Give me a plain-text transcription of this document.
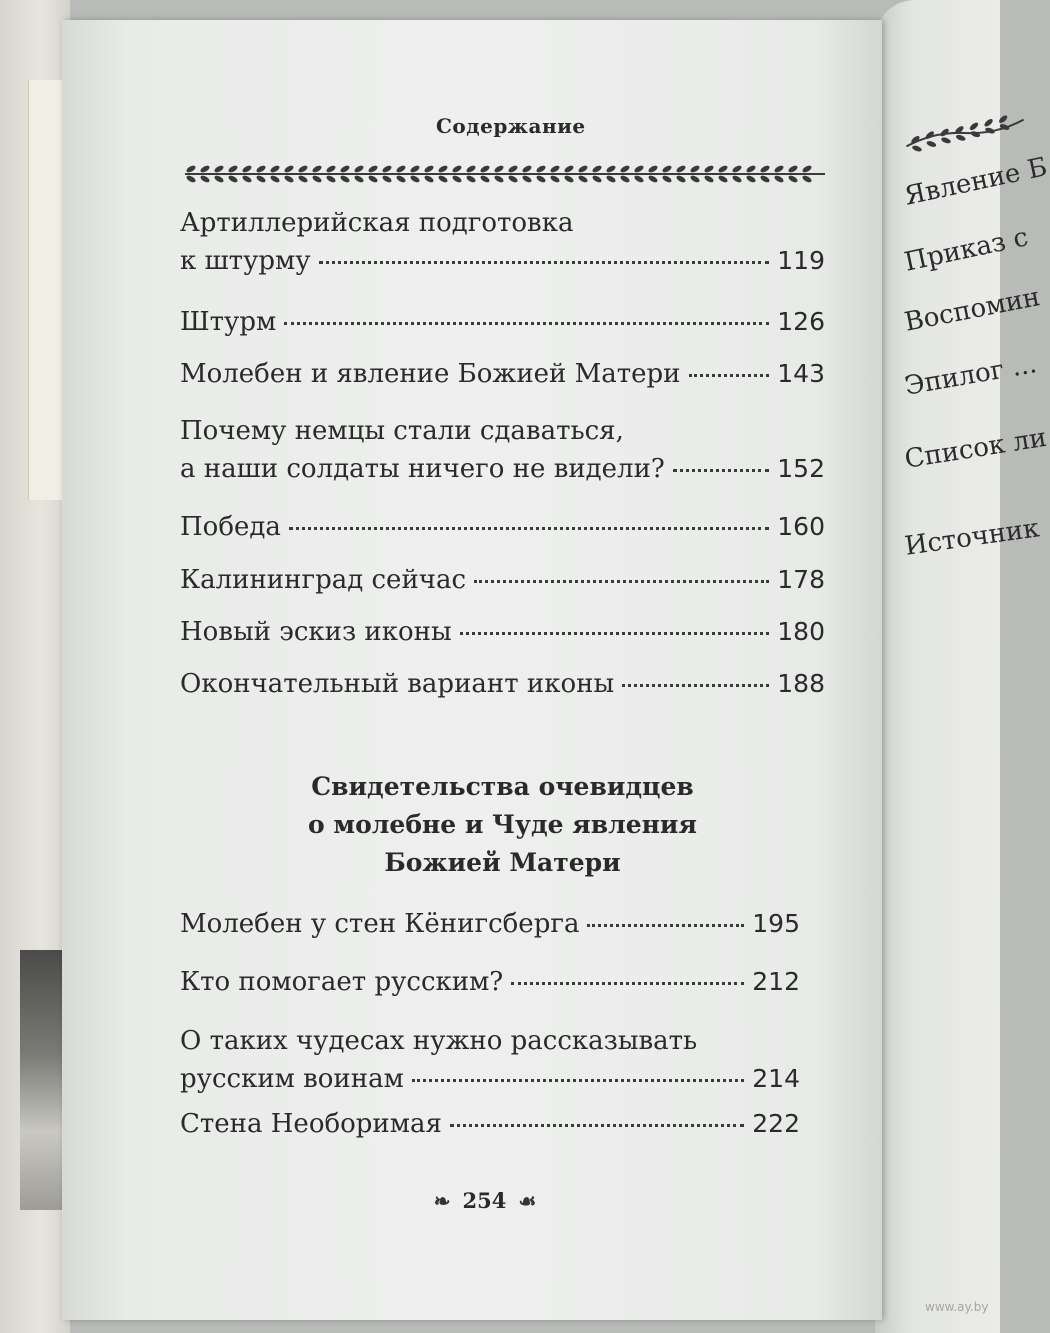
Явление Б
Приказ с
Воспомин
Эпилог ...
Список ли
Источник
Содержание
Артиллерийская подготовка
к штурму	119
Штурм	126
Молебен и явление Божией Матери	143
Почему немцы стали сдаваться,
а наши солдаты ничего не видели?	152
Победа	160
Калининград сейчас	178
Новый эскиз иконы	180
Окончательный вариант иконы	188
Свидетельства очевидцев
о молебне и Чуде явления
Божией Матери
Молебен у стен Кёнигсберга	195
Кто помогает русским?	212
О таких чудесах нужно рассказывать
русским воинам	214
Стена Необоримая	222
❧ 254 ☙
www.ay.by
